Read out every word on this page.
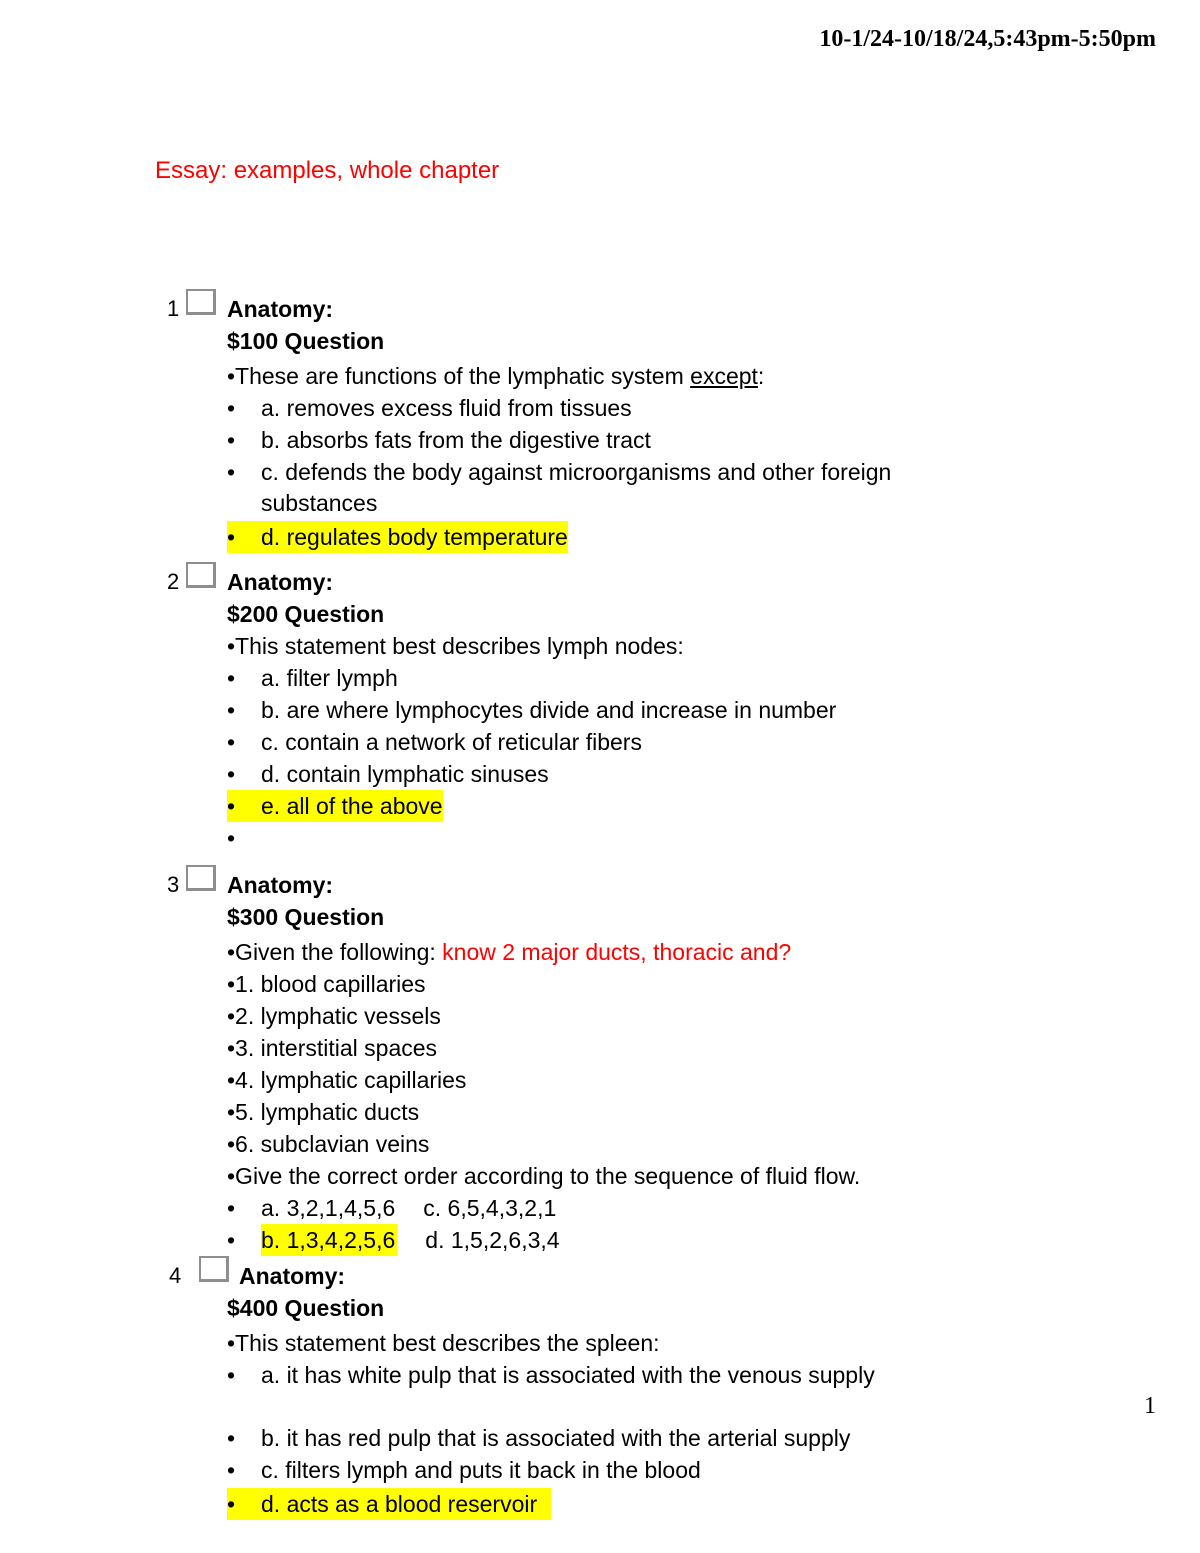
10-1/24-10/18/24,5:43pm-5:50pm
Essay: examples, whole chapter
1 Anatomy:
$100 Question
•These are functions of the lymphatic system except:
• a. removes excess fluid from tissues
• b. absorbs fats from the digestive tract
• c. defends the body against microorganisms and other foreign
substances
• d. regulates body temperature
2 Anatomy:
$200 Question
•This statement best describes lymph nodes:
• a. filter lymph
• b. are where lymphocytes divide and increase in number
• c. contain a network of reticular fibers
• d. contain lymphatic sinuses
• e. all of the above
•
3 Anatomy:
$300 Question
•Given the following: know 2 major ducts, thoracic and?
•1. blood capillaries
•2. lymphatic vessels
•3. interstitial spaces
•4. lymphatic capillaries
•5. lymphatic ducts
•6. subclavian veins
•Give the correct order according to the sequence of fluid flow.
• a. 3,2,1,4,5,6 c. 6,5,4,3,2,1
• b. 1,3,4,2,5,6 d. 1,5,2,6,3,4
4	Anatomy:
$400 Question
•This statement best describes the spleen:
• a. it has white pulp that is associated with the venous supply
• b. it has red pulp that is associated with the arterial supply
• c. filters lymph and puts it back in the blood
• d. acts as a blood reservoir
1
